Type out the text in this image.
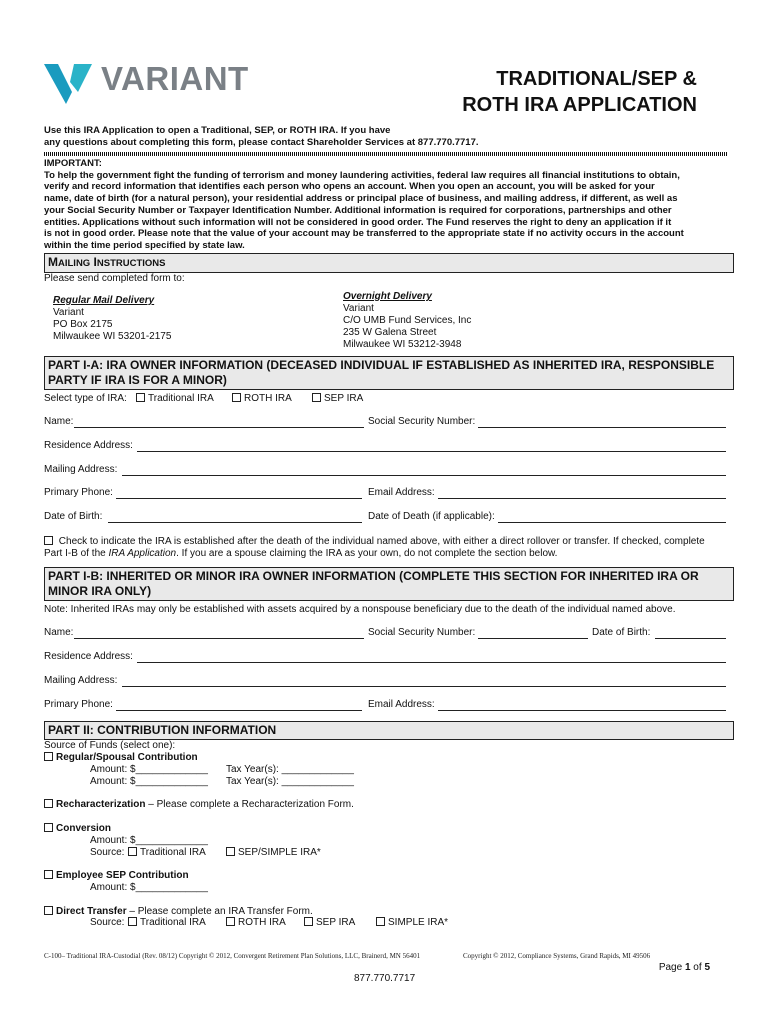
VARIANT	TRADITIONAL/SEP &
ROTH IRA APPLICATION
Use this IRA Application to open a Traditional, SEP, or ROTH IRA. If you have
any questions about completing this form, please contact Shareholder Services at 877.770.7717.
IMPORTANT:
To help the government fight the funding of terrorism and money laundering activities, federal law requires all financial institutions to obtain,
verify and record information that identifies each person who opens an account. When you open an account, you will be asked for your
name, date of birth (for a natural person), your residential address or principal place of business, and mailing address, if different, as well as
your Social Security Number or Taxpayer Identification Number. Additional information is required for corporations, partnerships and other
entities. Applications without such information will not be considered in good order. The Fund reserves the right to deny an application if it
is not in good order. Please note that the value of your account may be transferred to the appropriate state if no activity occurs in the account
within the time period specified by state law.
MAILING INSTRUCTIONS
Please send completed form to:
Regular Mail Delivery
Variant
PO Box 2175
Milwaukee WI 53201-2175
Overnight Delivery
Variant
C/O UMB Fund Services, Inc
235 W Galena Street
Milwaukee WI 53212-3948
PART I-A: IRA OWNER INFORMATION (DECEASED INDIVIDUAL IF ESTABLISHED AS INHERITED IRA, RESPONSIBLE
PARTY IF IRA IS FOR A MINOR)
Select type of IRA:	Traditional IRA	ROTH IRA	SEP IRA
Name:	Social Security Number:
Residence Address:
Mailing Address:
Primary Phone:	Email Address:
Date of Birth:	Date of Death (if applicable):
Check to indicate the IRA is established after the death of the individual named above, with either a direct rollover or transfer. If checked, complete
Part I-B of the IRA Application. If you are a spouse claiming the IRA as your own, do not complete the section below.
PART I-B: INHERITED OR MINOR IRA OWNER INFORMATION (COMPLETE THIS SECTION FOR INHERITED IRA OR
MINOR IRA ONLY)
Note: Inherited IRAs may only be established with assets acquired by a nonspouse beneficiary due to the death of the individual named above.
Name:	Social Security Number:	Date of Birth:
Residence Address:
Mailing Address:
Primary Phone:	Email Address:
PART II: CONTRIBUTION INFORMATION
Source of Funds (select one):
Regular/Spousal Contribution
Amount: $_____________ Tax Year(s): _____________
Amount: $_____________ Tax Year(s): _____________
Recharacterization – Please complete a Recharacterization Form.
Conversion
Amount: $_____________
Source:	Traditional IRA	SEP/SIMPLE IRA*
Employee SEP Contribution
Amount: $_____________
Direct Transfer – Please complete an IRA Transfer Form.
Source:	Traditional IRA	ROTH IRA	SEP IRA	SIMPLE IRA*
C-100– Traditional IRA-Custodial (Rev. 08/12) Copyright © 2012, Convergent Retirement Plan Solutions, LLC, Brainerd, MN 56401	Copyright © 2012, Compliance Systems, Grand Rapids, MI 49506
Page 1 of 5
877.770.7717
